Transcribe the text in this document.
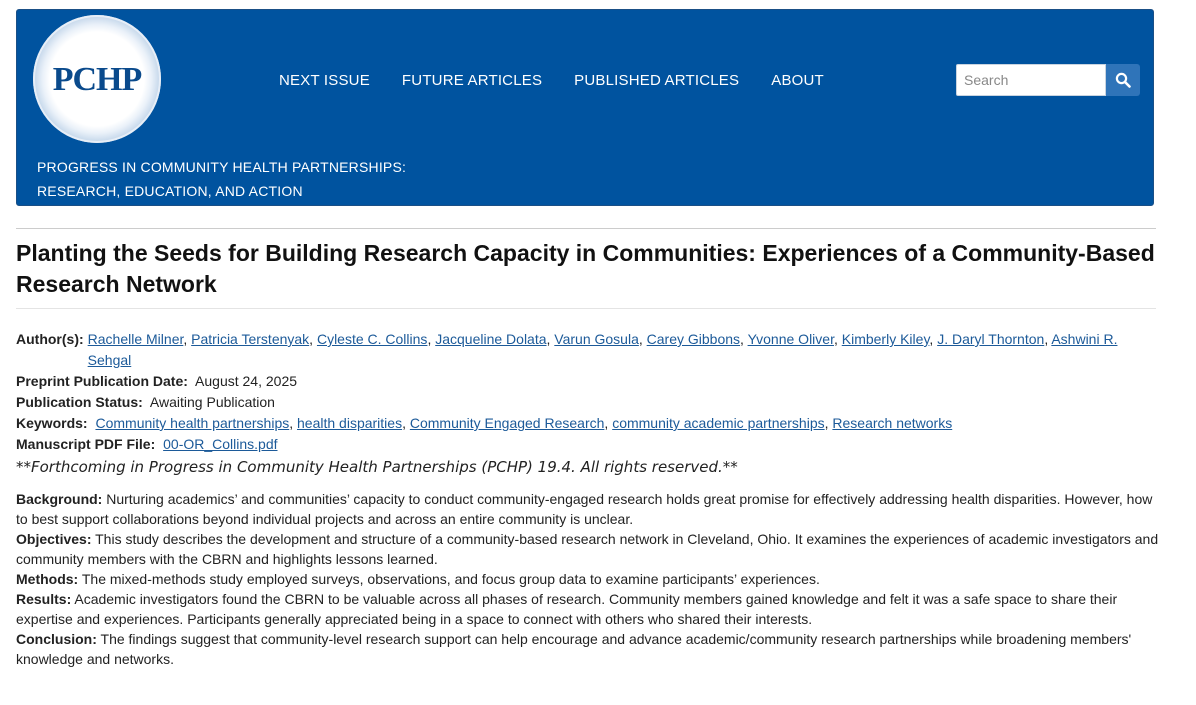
PCHP	NEXT ISSUE FUTURE ARTICLES PUBLISHED ARTICLES ABOUT
Search
PROGRESS IN COMMUNITY HEALTH PARTNERSHIPS:
RESEARCH, EDUCATION, AND ACTION
Planting the Seeds for Building Research Capacity in Communities: Experiences of a Community-Based Research Network
Author(s): Rachelle Milner, Patricia Terstenyak, Cyleste C. Collins, Jacqueline Dolata, Varun Gosula, Carey Gibbons, Yvonne Oliver, Kimberly Kiley, J. Daryl Thornton, Ashwini R. Sehgal
Preprint Publication Date: August 24, 2025
Publication Status: Awaiting Publication
Keywords: Community health partnerships, health disparities, Community Engaged Research, community academic partnerships, Research networks
Manuscript PDF File: 00-OR_Collins.pdf
**Forthcoming in Progress in Community Health Partnerships (PCHP) 19.4. All rights reserved.**

Background: Nurturing academics’ and communities’ capacity to conduct community-engaged research holds great promise for effectively addressing health disparities. However, how to best support collaborations beyond individual projects and across an entire community is unclear.

Objectives: This study describes the development and structure of a community-based research network in Cleveland, Ohio. It examines the experiences of academic investigators and community members with the CBRN and highlights lessons learned.

Methods: The mixed-methods study employed surveys, observations, and focus group data to examine participants’ experiences.

Results: Academic investigators found the CBRN to be valuable across all phases of research. Community members gained knowledge and felt it was a safe space to share their expertise and experiences. Participants generally appreciated being in a space to connect with others who shared their interests.

Conclusion: The findings suggest that community-level research support can help encourage and advance academic/community research partnerships while broadening members' knowledge and networks.
